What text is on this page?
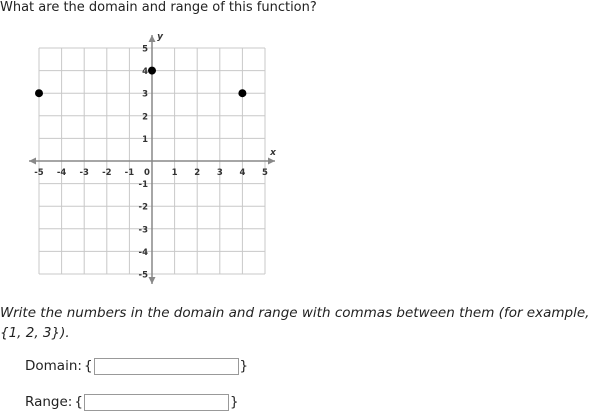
What are the domain and range of this function?

x
y
-5 -4 -3 -2 -1	1 2 3 4 5
0
-5
-4
-3
-2
-1
1
2
3
4
5

Write the numbers in the domain and range with commas between them (for example, {1, 2, 3}).

Domain: {	}
Range: {	}
